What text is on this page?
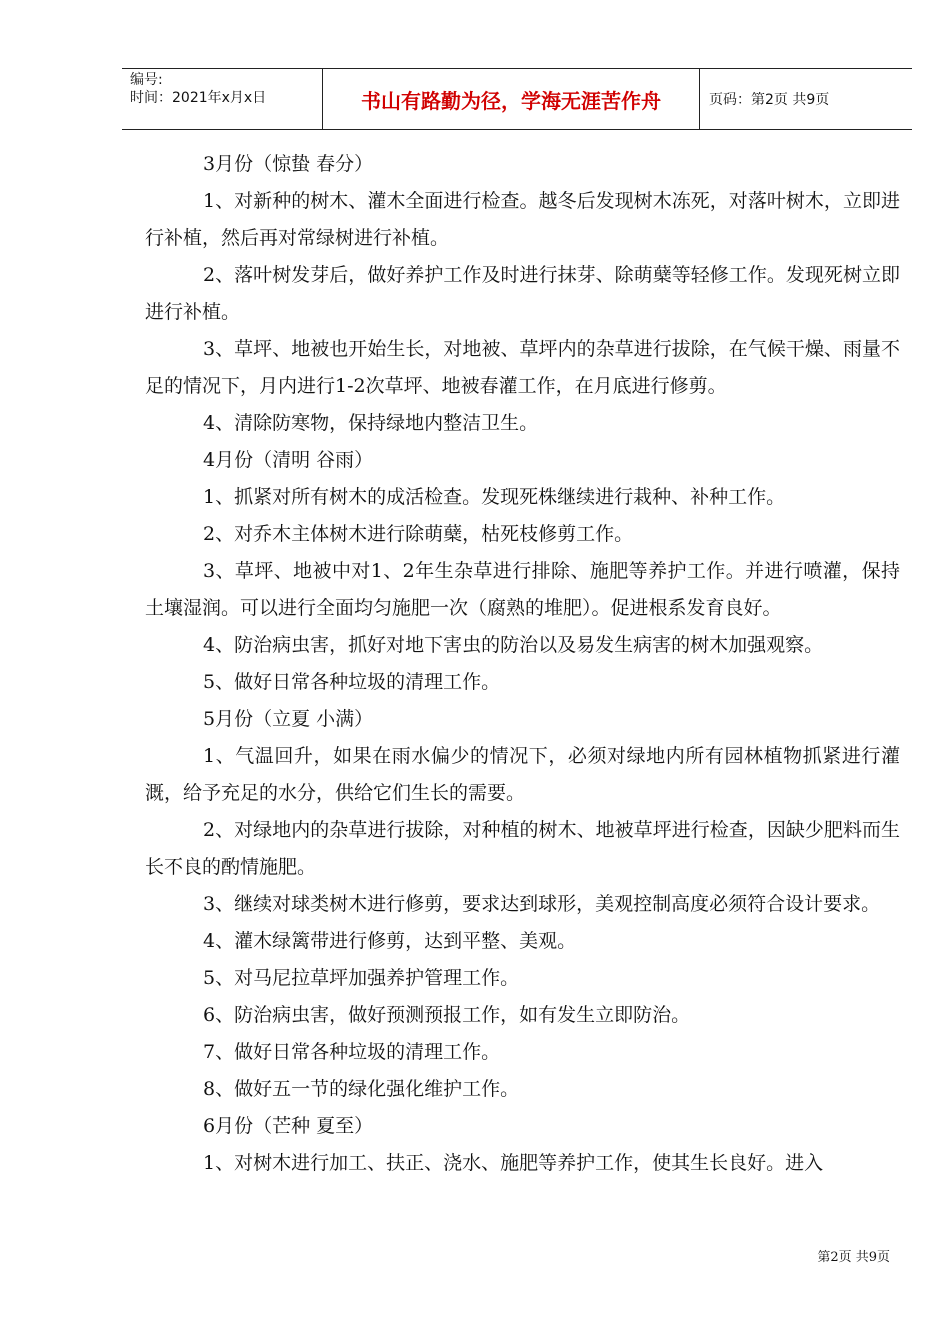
编号:
时间：2021年x月x日	书山有路勤为径，学海无涯苦作舟	页码：第2页 共9页

3月份（惊蛰 春分）

1、对新种的树木、灌木全面进行检查。越冬后发现树木冻死，对落叶树木，立即进行补植，然后再对常绿树进行补植。

2、落叶树发芽后，做好养护工作及时进行抹芽、除萌蘖等轻修工作。发现死树立即进行补植。

3、草坪、地被也开始生长，对地被、草坪内的杂草进行拔除，在气候干燥、雨量不足的情况下，月内进行1-2次草坪、地被春灌工作，在月底进行修剪。

4、清除防寒物，保持绿地内整洁卫生。

4月份（清明 谷雨）

1、抓紧对所有树木的成活检查。发现死株继续进行栽种、补种工作。

2、对乔木主体树木进行除萌蘖，枯死枝修剪工作。

3、草坪、地被中对1、2年生杂草进行排除、施肥等养护工作。并进行喷灌，保持土壤湿润。可以进行全面均匀施肥一次（腐熟的堆肥）。促进根系发育良好。

4、防治病虫害，抓好对地下害虫的防治以及易发生病害的树木加强观察。

5、做好日常各种垃圾的清理工作。

5月份（立夏 小满）

1、气温回升，如果在雨水偏少的情况下，必须对绿地内所有园林植物抓紧进行灌溉，给予充足的水分，供给它们生长的需要。

2、对绿地内的杂草进行拔除，对种植的树木、地被草坪进行检查，因缺少肥料而生长不良的酌情施肥。

3、继续对球类树木进行修剪，要求达到球形，美观控制高度必须符合设计要求。

4、灌木绿篱带进行修剪，达到平整、美观。

5、对马尼拉草坪加强养护管理工作。

6、防治病虫害，做好预测预报工作，如有发生立即防治。

7、做好日常各种垃圾的清理工作。

8、做好五一节的绿化强化维护工作。

6月份（芒种 夏至）

1、对树木进行加工、扶正、浇水、施肥等养护工作，使其生长良好。进入

第2页 共9页
